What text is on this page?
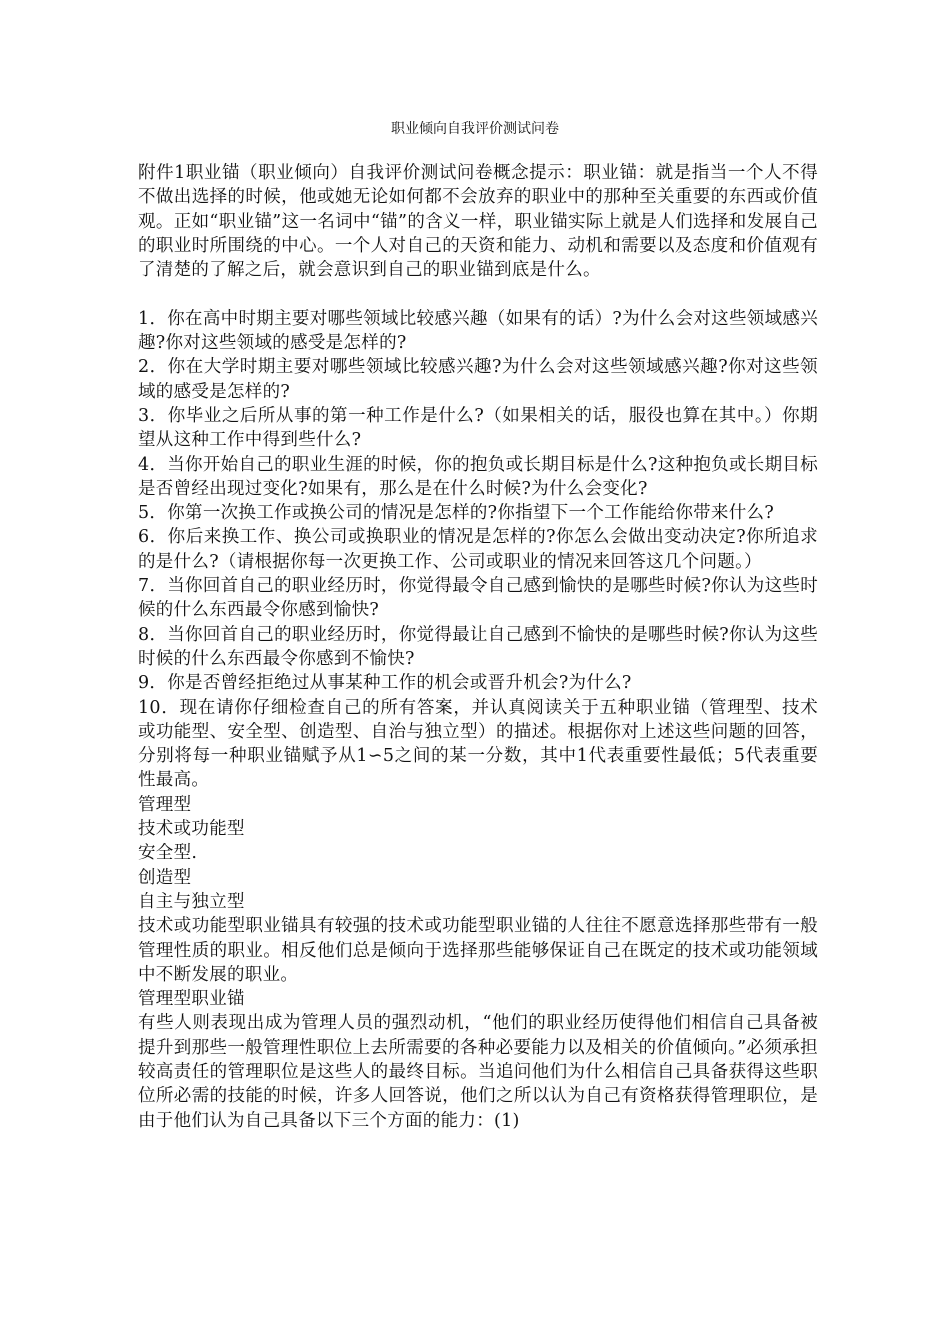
职业倾向自我评价测试问卷

附件1职业锚（职业倾向）自我评价测试问卷概念提示：职业锚：就是指当一个人不得不做出选择的时候，他或她无论如何都不会放弃的职业中的那种至关重要的东西或价值观。正如“职业锚”这一名词中“锚”的含义一样，职业锚实际上就是人们选择和发展自己的职业时所围绕的中心。一个人对自己的天资和能力、动机和需要以及态度和价值观有了清楚的了解之后，就会意识到自己的职业锚到底是什么。

1．你在高中时期主要对哪些领域比较感兴趣（如果有的话）?为什么会对这些领域感兴趣?你对这些领域的感受是怎样的?

2．你在大学时期主要对哪些领域比较感兴趣?为什么会对这些领域感兴趣?你对这些领域的感受是怎样的?

3．你毕业之后所从事的第一种工作是什么?（如果相关的话，服役也算在其中。）你期望从这种工作中得到些什么?

4．当你开始自己的职业生涯的时候，你的抱负或长期目标是什么?这种抱负或长期目标是否曾经出现过变化?如果有，那么是在什么时候?为什么会变化?

5．你第一次换工作或换公司的情况是怎样的?你指望下一个工作能给你带来什么?

6．你后来换工作、换公司或换职业的情况是怎样的?你怎么会做出变动决定?你所追求的是什么?（请根据你每一次更换工作、公司或职业的情况来回答这几个问题。）

7．当你回首自己的职业经历时，你觉得最令自己感到愉快的是哪些时候?你认为这些时候的什么东西最令你感到愉快?

8．当你回首自己的职业经历时，你觉得最让自己感到不愉快的是哪些时候?你认为这些时候的什么东西最令你感到不愉快?

9．你是否曾经拒绝过从事某种工作的机会或晋升机会?为什么?

10．现在请你仔细检查自己的所有答案，并认真阅读关于五种职业锚（管理型、技术或功能型、安全型、创造型、自治与独立型）的描述。根据你对上述这些问题的回答，分别将每一种职业锚赋予从1∽5之间的某一分数，其中1代表重要性最低；5代表重要性最高。

管理型

技术或功能型

安全型.

创造型

自主与独立型

技术或功能型职业锚具有较强的技术或功能型职业锚的人往往不愿意选择那些带有一般管理性质的职业。相反他们总是倾向于选择那些能够保证自己在既定的技术或功能领域中不断发展的职业。

管理型职业锚

有些人则表现出成为管理人员的强烈动机，“他们的职业经历使得他们相信自己具备被提升到那些一般管理性职位上去所需要的各种必要能力以及相关的价值倾向。”必须承担较高责任的管理职位是这些人的最终目标。当追问他们为什么相信自己具备获得这些职位所必需的技能的时候，许多人回答说，他们之所以认为自己有资格获得管理职位，是由于他们认为自己具备以下三个方面的能力：(1)
